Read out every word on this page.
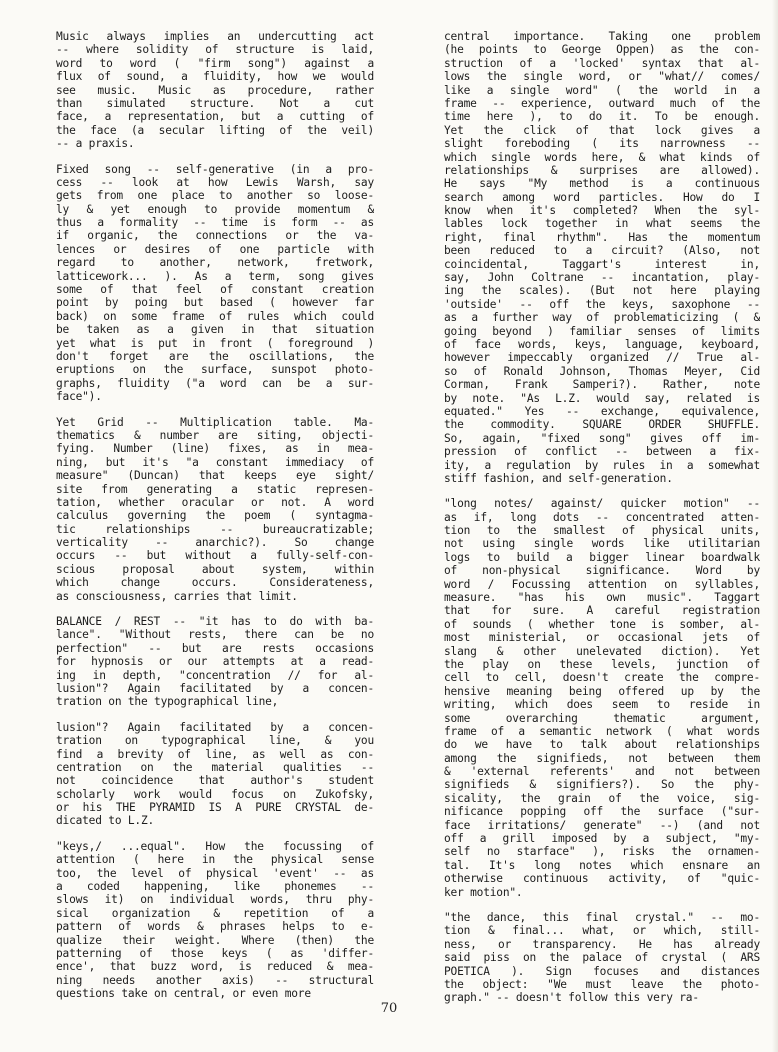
Music always implies an undercutting act
-- where solidity of structure is laid,
word to word ( "firm song") against a
flux of sound, a fluidity, how we would
see music. Music as procedure, rather
than simulated structure. Not a cut
face, a representation, but a cutting of
the face (a secular lifting of the veil)
-- a praxis.
Fixed song -- self-generative (in a pro-
cess -- look at how Lewis Warsh, say
gets from one place to another so loose-
ly & yet enough to provide momentum &
thus a formality -- time is form -- as
if organic, the connections or the va-
lences or desires of one particle with
regard to another, network, fretwork,
latticework... ). As a term, song gives
some of that feel of constant creation
point by poing but based ( however far
back) on some frame of rules which could
be taken as a given in that situation
yet what is put in front ( foreground )
don't forget are the oscillations, the
eruptions on the surface, sunspot photo-
graphs, fluidity ("a word can be a sur-
face").
Yet Grid -- Multiplication table. Ma-
thematics & number are siting, objecti-
fying. Number (line) fixes, as in mea-
ning, but it's "a constant immediacy of
measure" (Duncan) that keeps eye sight/
site from generating a static represen-
tation, whether oracular or not. A word
calculus governing the poem ( syntagma-
tic relationships -- bureaucratizable;
verticality -- anarchic?). So change
occurs -- but without a fully-self-con-
scious proposal about system, within
which change occurs. Considerateness,
as consciousness, carries that limit.
BALANCE / REST -- "it has to do with ba-
lance". "Without rests, there can be no
perfection" -- but are rests occasions
for hypnosis or our attempts at a read-
ing in depth, "concentration // for al-
lusion"? Again facilitated by a concen-
tration on the typographical line,
lusion"? Again facilitated by a concen-
tration on typographical line, & you
find a brevity of line, as well as con-
centration on the material qualities --
not coincidence that author's student
scholarly work would focus on Zukofsky,
or his THE PYRAMID IS A PURE CRYSTAL de-
dicated to L.Z.
"keys,/ ...equal". How the focussing of
attention ( here in the physical sense
too, the level of physical 'event' -- as
a coded happening, like phonemes --
slows it) on individual words, thru phy-
sical organization & repetition of a
pattern of words & phrases helps to e-
qualize their weight. Where (then) the
patterning of those keys ( as 'differ-
ence', that buzz word, is reduced & mea-
ning needs another axis) -- structural
questions take on central, or even more
central importance. Taking one problem
(he points to George Oppen) as the con-
struction of a 'locked' syntax that al-
lows the single word, or "what// comes/
like a single word" ( the world in a
frame -- experience, outward much of the
time here ), to do it. To be enough.
Yet the click of that lock gives a
slight foreboding ( its narrowness --
which single words here, & what kinds of
relationships & surprises are allowed).
He says "My method is a continuous
search among word particles. How do I
know when it's completed? When the syl-
lables lock together in what seems the
right, final rhythm". Has the momentum
been reduced to a circuit? (Also, not
coincidental, Taggart's interest in,
say, John Coltrane -- incantation, play-
ing the scales). (But not here playing
'outside' -- off the keys, saxophone --
as a further way of problematicizing ( &
going beyond ) familiar senses of limits
of face words, keys, language, keyboard,
however impeccably organized // True al-
so of Ronald Johnson, Thomas Meyer, Cid
Corman, Frank Samperi?). Rather, note
by note. "As L.Z. would say, related is
equated." Yes -- exchange, equivalence,
the commodity. SQUARE ORDER SHUFFLE.
So, again, "fixed song" gives off im-
pression of conflict -- between a fix-
ity, a regulation by rules in a somewhat
stiff fashion, and self-generation.
"long notes/ against/ quicker motion" --
as if, long dots -- concentrated atten-
tion to the smallest of physical units,
not using single words like utilitarian
logs to build a bigger linear boardwalk
of non-physical significance. Word by
word / Focussing attention on syllables,
measure. "has his own music". Taggart
that for sure. A careful registration
of sounds ( whether tone is somber, al-
most ministerial, or occasional jets of
slang & other unelevated diction). Yet
the play on these levels, junction of
cell to cell, doesn't create the compre-
hensive meaning being offered up by the
writing, which does seem to reside in
some overarching thematic argument,
frame of a semantic network ( what words
do we have to talk about relationships
among the signifieds, not between them
& 'external referents' and not between
signifieds & signifiers?). So the phy-
sicality, the grain of the voice, sig-
nificance popping off the surface ("sur-
face irritations/ generate" --) (and not
off a grill imposed by a subject, "my-
self no starface" ), risks the ornamen-
tal. It's long notes which ensnare an
otherwise continuous activity, of "quic-
ker motion".
"the dance, this final crystal." -- mo-
tion & final... what, or which, still-
ness, or transparency. He has already
said piss on the palace of crystal ( ARS
POETICA ). Sign focuses and distances
the object: "We must leave the photo-
graph." -- doesn't follow this very ra-
70
